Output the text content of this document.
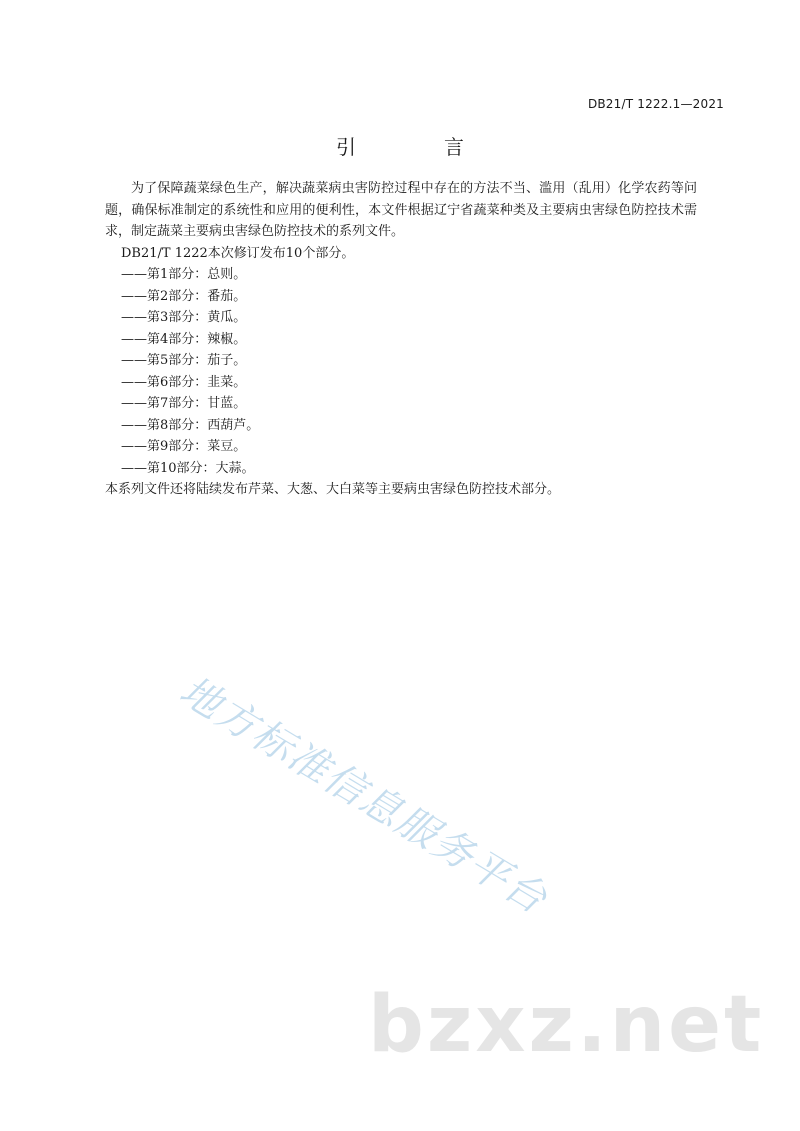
DB21/T 1222.1—2021
引　言

为了保障蔬菜绿色生产，解决蔬菜病虫害防控过程中存在的方法不当、滥用（乱用）化学农药等问题，确保标准制定的系统性和应用的便利性，本文件根据辽宁省蔬菜种类及主要病虫害绿色防控技术需求，制定蔬菜主要病虫害绿色防控技术的系列文件。

DB21/T 1222本次修订发布10个部分。

——第1部分：总则。
——第2部分：番茄。
——第3部分：黄瓜。
——第4部分：辣椒。
——第5部分：茄子。
——第6部分：韭菜。
——第7部分：甘蓝。
——第8部分：西葫芦。
——第9部分：菜豆。
——第10部分：大蒜。

本系列文件还将陆续发布芹菜、大葱、大白菜等主要病虫害绿色防控技术部分。

地方标准信息服务平台
bzxz.net
